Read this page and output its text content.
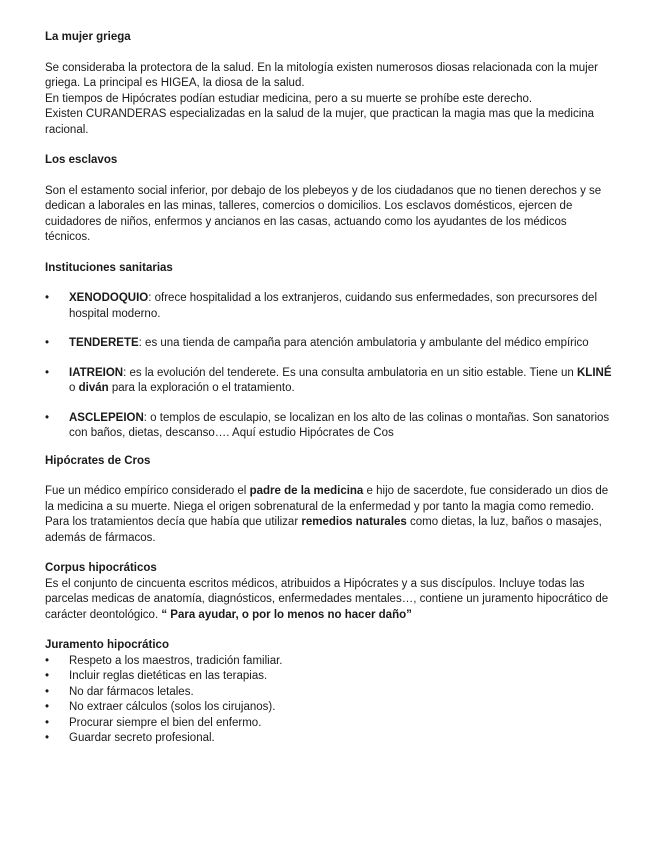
La mujer griega

Se consideraba la protectora de la salud. En la mitología existen numerosos diosas relacionada con la mujer griega. La principal es HIGEA, la diosa de la salud.

En tiempos de Hipócrates podían estudiar medicina, pero a su muerte se prohíbe este derecho.

Existen CURANDERAS especializadas en la salud de la mujer, que practican la magia mas que la medicina racional.

Los esclavos

Son el estamento social inferior, por debajo de los plebeyos y de los ciudadanos que no tienen derechos y se dedican a laborales en las minas, talleres, comercios o domicilios. Los esclavos domésticos, ejercen de cuidadores de niños, enfermos y ancianos en las casas, actuando como los ayudantes de los médicos técnicos.

Instituciones sanitarias
• XENODOQUIO: ofrece hospitalidad a los extranjeros, cuidando sus enfermedades, son precursores del hospital moderno.
• TENDERETE: es una tienda de campaña para atención ambulatoria y ambulante del médico empírico
• IATREION: es la evolución del tenderete. Es una consulta ambulatoria en un sitio estable. Tiene un KLINÉ o diván para la exploración o el tratamiento.
• ASCLEPEION: o templos de esculapio, se localizan en los alto de las colinas o montañas. Son sanatorios con baños, dietas, descanso…. Aquí estudio Hipócrates de Cos
Hipócrates de Cros

Fue un médico empírico considerado el padre de la medicina e hijo de sacerdote, fue considerado un dios de la medicina a su muerte. Niega el origen sobrenatural de la enfermedad y por tanto la magia como remedio. Para los tratamientos decía que había que utilizar remedios naturales como dietas, la luz, baños o masajes, además de fármacos.

Corpus hipocráticos

Es el conjunto de cincuenta escritos médicos, atribuidos a Hipócrates y a sus discípulos. Incluye todas las parcelas medicas de anatomía, diagnósticos, enfermedades mentales…, contiene un juramento hipocrático de carácter deontológico. “ Para ayudar, o por lo menos no hacer daño”

Juramento hipocrático
• Respeto a los maestros, tradición familiar.
• Incluir reglas dietéticas en las terapias.
• No dar fármacos letales.
• No extraer cálculos (solos los cirujanos).
• Procurar siempre el bien del enfermo.
• Guardar secreto profesional.
